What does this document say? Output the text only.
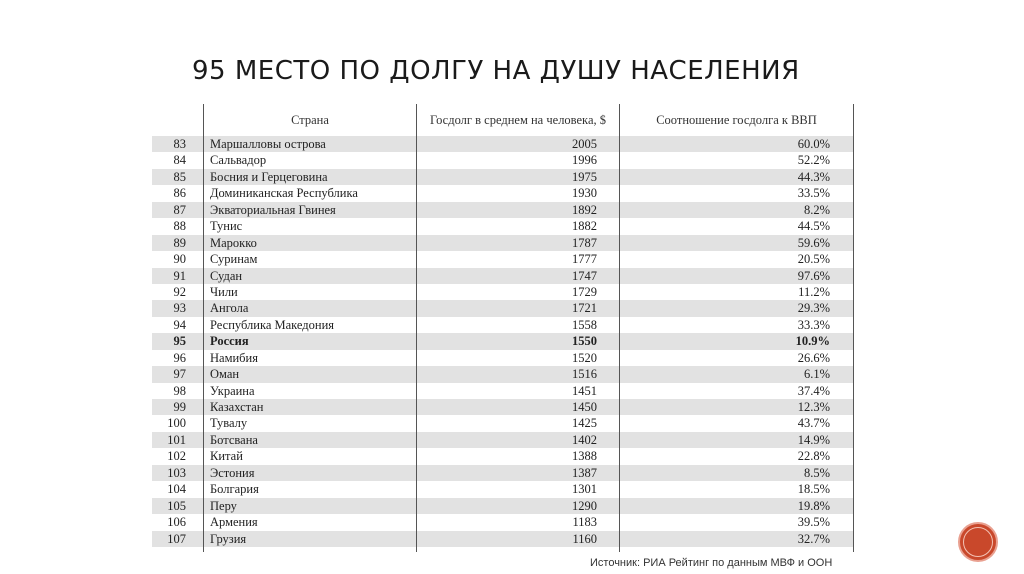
95 МЕСТО ПО ДОЛГУ НА ДУШУ НАСЕЛЕНИЯ
Страна	Госдолг в среднем на человека, $	Соотношение госдолга к ВВП
83 Маршалловы острова	2005	60.0%
84 Сальвадор	1996	52.2%
85 Босния и Герцеговина	1975	44.3%
86 Доминиканская Республика	1930	33.5%
87 Экваториальная Гвинея	1892	8.2%
88 Тунис	1882	44.5%
89 Марокко	1787	59.6%
90 Суринам	1777	20.5%
91 Судан	1747	97.6%
92 Чили	1729	11.2%
93 Ангола	1721	29.3%
94 Республика Македония	1558	33.3%
95 Россия	1550	10.9%
96 Намибия	1520	26.6%
97 Оман	1516	6.1%
98 Украина	1451	37.4%
99 Казахстан	1450	12.3%
100 Тувалу	1425	43.7%
101 Ботсвана	1402	14.9%
102 Китай	1388	22.8%
103 Эстония	1387	8.5%
104 Болгария	1301	18.5%
105 Перу	1290	19.8%
106 Армения	1183	39.5%
107 Грузия	1160	32.7%
Источник: РИА Рейтинг по данным МВФ и ООН
